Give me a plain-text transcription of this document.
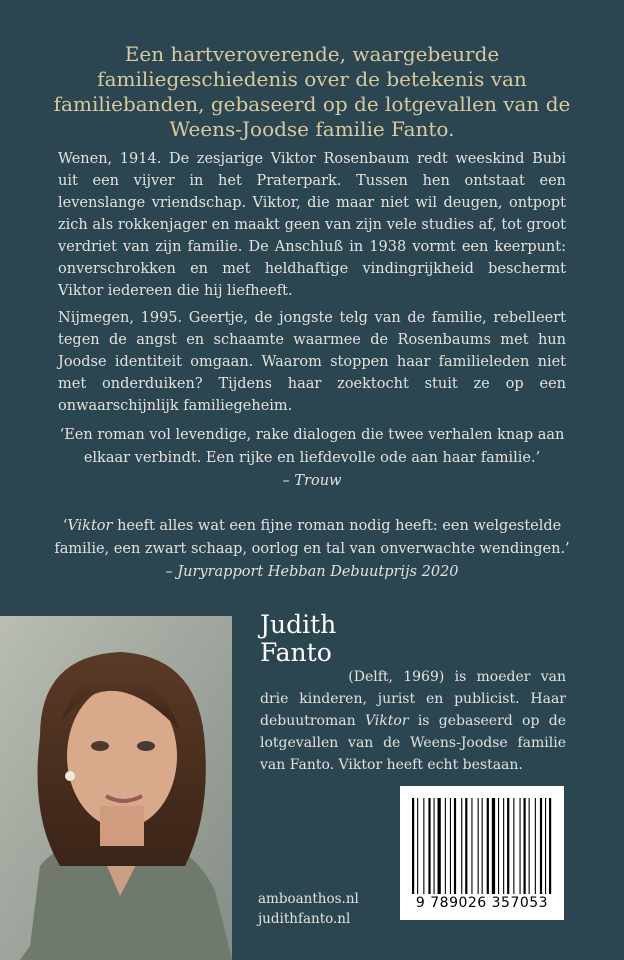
Een hartveroverende, waargebeurde familiegeschiedenis over de betekenis van familiebanden, gebaseerd op de lotgevallen van de Weens-Joodse familie Fanto.
Wenen, 1914. De zesjarige Viktor Rosenbaum redt weeskind Bubi uit een vijver in het Praterpark. Tussen hen ontstaat een levenslange vriendschap. Viktor, die maar niet wil deugen, ontpopt zich als rokkenjager en maakt geen van zijn vele studies af, tot groot verdriet van zijn familie. De Anschluß in 1938 vormt een keerpunt: onverschrokken en met heldhaftige vindingrijkheid beschermt Viktor iedereen die hij liefheeft.
Nijmegen, 1995. Geertje, de jongste telg van de familie, rebelleert tegen de angst en schaamte waarmee de Rosenbaums met hun Joodse identiteit omgaan. Waarom stoppen haar familieleden niet met onderduiken? Tijdens haar zoektocht stuit ze op een onwaarschijnlijk familiegeheim.
‘Een roman vol levendige, rake dialogen die twee verhalen knap aan elkaar verbindt. Een rijke en liefdevolle ode aan haar familie.’
– Trouw
‘Viktor heeft alles wat een fijne roman nodig heeft: een welgestelde familie, een zwart schaap, oorlog en tal van onverwachte wendingen.’
– Juryrapport Hebban Debuutprijs 2020
Judith
Fanto
(Delft, 1969) is moeder van drie kinderen, jurist en publicist. Haar debuutroman Viktor is gebaseerd op de lotgevallen van de Weens-Joodse familie van Fanto. Viktor heeft echt bestaan.
amboanthos.nl
judithfanto.nl
9 789026 357053
